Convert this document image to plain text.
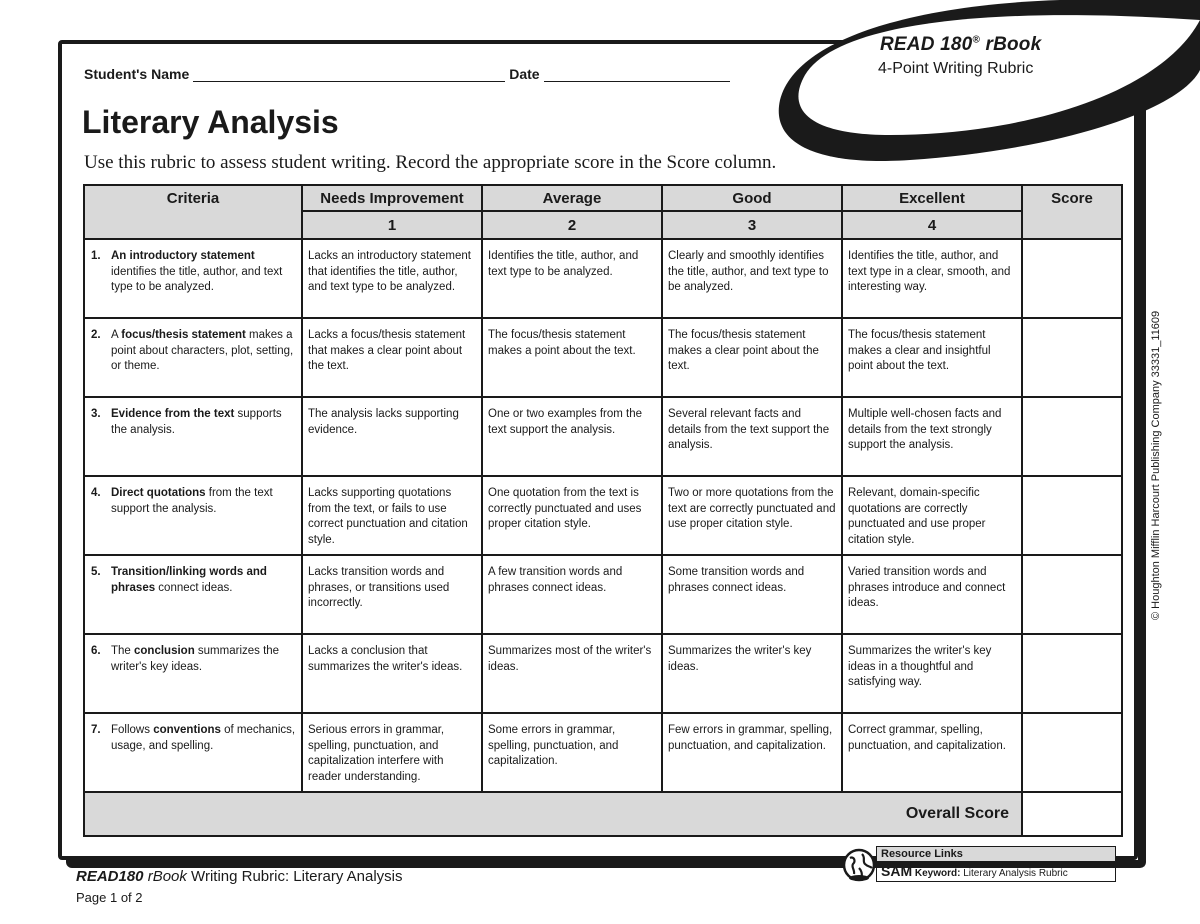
READ 180® rBook
4-Point Writing Rubric
Student's Name	Date
Literary Analysis
Use this rubric to assess student writing. Record the appropriate score in the Score column.
Criteria	Needs Improvement	Average	Good	Excellent	Score
	1	2	3	4	

1. An introductory statement identifies the title, author, and text type to be analyzed.	Lacks an introductory statement that identifies the title, author, and text type to be analyzed.	Identifies the title, author, and text type to be analyzed.	Clearly and smoothly identifies the title, author, and text type to be analyzed.	Identifies the title, author, and text type in a clear, smooth, and interesting way.	

2. A focus/thesis statement makes a point about characters, plot, setting, or theme.	Lacks a focus/thesis statement that makes a clear point about the text.	The focus/thesis statement makes a point about the text.	The focus/thesis statement makes a clear point about the text.	The focus/thesis statement makes a clear and insightful point about the text.	

3. Evidence from the text supports the analysis.	The analysis lacks supporting evidence.	One or two examples from the text support the analysis.	Several relevant facts and details from the text support the analysis.	Multiple well-chosen facts and details from the text strongly support the analysis.	

4. Direct quotations from the text support the analysis.	Lacks supporting quotations from the text, or fails to use correct punctuation and citation style.	One quotation from the text is correctly punctuated and uses proper citation style.	Two or more quotations from the text are correctly punctuated and use proper citation style.	Relevant, domain-specific quotations are correctly punctuated and use proper citation style.	

5. Transition/linking words and phrases connect ideas.	Lacks transition words and phrases, or transitions used incorrectly.	A few transition words and phrases connect ideas.	Some transition words and phrases connect ideas.	Varied transition words and phrases introduce and connect ideas.	

6. The conclusion summarizes the writer's key ideas.	Lacks a conclusion that summarizes the writer's ideas.	Summarizes most of the writer's ideas.	Summarizes the writer's key ideas.	Summarizes the writer's key ideas in a thoughtful and satisfying way.	

7. Follows conventions of mechanics, usage, and spelling.	Serious errors in grammar, spelling, punctuation, and capitalization interfere with reader understanding.	Some errors in grammar, spelling, punctuation, and capitalization.	Few errors in grammar, spelling, punctuation, and capitalization.	Correct grammar, spelling, punctuation, and capitalization.	
				Overall Score	
© Houghton Mifflin Harcourt Publishing Company 33331_11609
READ180 rBook Writing Rubric: Literary Analysis
Page 1 of 2
Resource Links
SAM Keyword: Literary Analysis Rubric
